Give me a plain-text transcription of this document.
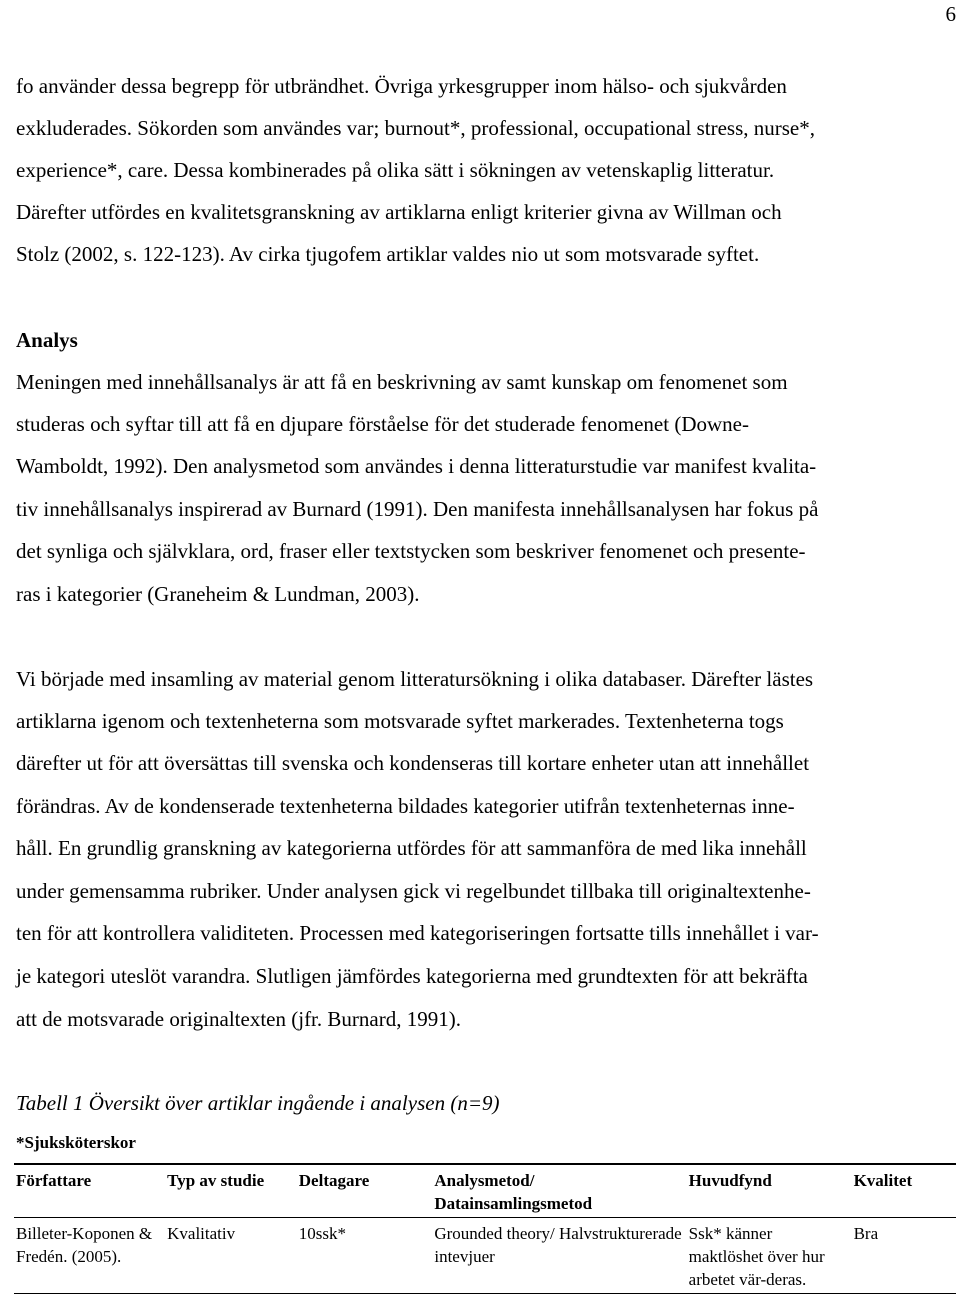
6
fo använder dessa begrepp för utbrändhet. Övriga yrkesgrupper inom hälso- och sjukvården
exkluderades. Sökorden som användes var; burnout*, professional, occupational stress, nurse*,
experience*, care. Dessa kombinerades på olika sätt i sökningen av vetenskaplig litteratur.
Därefter utfördes en kvalitetsgranskning av artiklarna enligt kriterier givna av Willman och
Stolz (2002, s. 122-123). Av cirka tjugofem artiklar valdes nio ut som motsvarade syftet.
Analys
Meningen med innehållsanalys är att få en beskrivning av samt kunskap om fenomenet som
studeras och syftar till att få en djupare förståelse för det studerade fenomenet (Downe-
Wamboldt, 1992). Den analysmetod som användes i denna litteraturstudie var manifest kvalita-
tiv innehållsanalys inspirerad av Burnard (1991). Den manifesta innehållsanalysen har fokus på
det synliga och självklara, ord, fraser eller textstycken som beskriver fenomenet och presente-
ras i kategorier (Graneheim & Lundman, 2003).
Vi började med insamling av material genom litteratursökning i olika databaser. Därefter lästes
artiklarna igenom och textenheterna som motsvarade syftet markerades. Textenheterna togs
därefter ut för att översättas till svenska och kondenseras till kortare enheter utan att innehållet
förändras. Av de kondenserade textenheterna bildades kategorier utifrån textenheternas inne-
håll. En grundlig granskning av kategorierna utfördes för att sammanföra de med lika innehåll
under gemensamma rubriker. Under analysen gick vi regelbundet tillbaka till originaltextenhe-
ten för att kontrollera validiteten. Processen med kategoriseringen fortsatte tills innehållet i var-
je kategori uteslöt varandra. Slutligen jämfördes kategorierna med grundtexten för att bekräfta
att de motsvarade originaltexten (jfr. Burnard, 1991).
Tabell 1 Översikt över artiklar ingående i analysen (n=9)
*Sjuksköterskor
Författare	Typ av studie	Deltagare	Analysmetod/ Datainsamlingsmetod	Huvudfynd	Kvalitet
Billeter-Koponen & Fredén. (2005).	Kvalitativ	10ssk*	Grounded theory/ Halvstrukturerade intevjuer	Ssk* känner maktlöshet över hur arbetet vär-deras.	Bra
